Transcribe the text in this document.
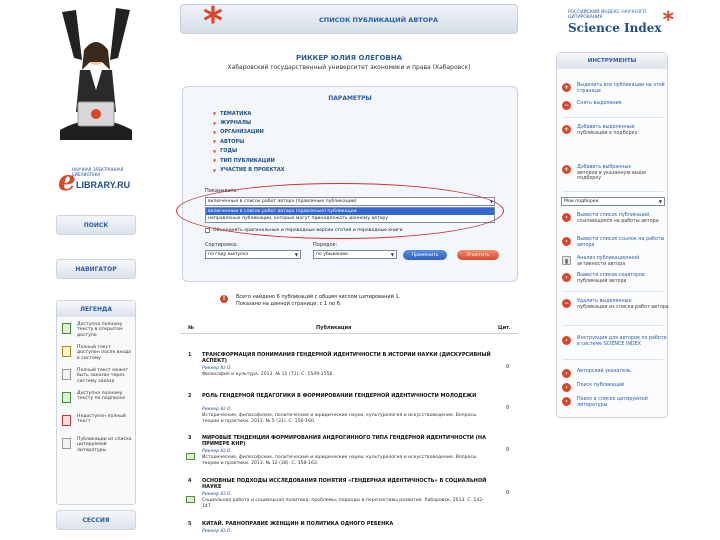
e
НАУЧНАЯ ЭЛЕКТРОННАЯ БИБЛИОТЕКА
LIBRARY.RU
ПОИСК
НАВИГАТОР
ЛЕГЕНДА
Доступна полному тексту в открытом доступе
Полный текст доступен после входа в систему
Полный текст может быть заказан через систему заказа
Доступна полному тексту по подписке
Недоступен полный текст
Публикации из списка цитируемой литературы
СЕССИЯ
*	СПИСОК ПУБЛИКАЦИЙ АВТОРА
РИККЕР ЮЛИЯ ОЛЕГОВНА
Хабаровский государственный университет экономики и права (Хабаровск)
ПАРАМЕТРЫ
▼ ТЕМАТИКА
▼ ЖУРНАЛЫ
▼ ОРГАНИЗАЦИИ
▼ АВТОРЫ
▼ ГОДЫ
▼ ТИП ПУБЛИКАЦИИ
▼ УЧАСТИЕ В ПРОЕКТАХ
Показывать:
включенные в список работ автора (правленые публикации)	▼
включенные в список работ автора (правленые) публикации
неправленые публикации, которые могут принадлежать данному автору
Объединять оригинальные и переводные версии статей и переводные книги
Сортировка:
по году выпуска	▼
Порядок:
по убыванию	▼	Применить	Очистить
!	Всего найдено 6 публикаций с общим числом цитирований 1.
Показано на данной странице: с 1 по 6.
№	Публикация	Цит.
1 ТРАНСФОРМАЦИЯ ПОНИМАНИЯ ГЕНДЕРНОЙ ИДЕНТИЧНОСТИ В ИСТОРИИ НАУКИ (ДИСКУРСИВНЫЙ АСПЕКТ)
Риккер Ю.О.
Философия и культура. 2013. № 11 (71). С. 1549-1556.
0
2 РОЛЬ ГЕНДЕРНОЙ ПЕДАГОГИКИ В ФОРМИРОВАНИИ ГЕНДЕРНОЙ ИДЕНТИЧНОСТИ МОЛОДЕЖИ
Риккер Ю.О.
Исторические, философские, политические и юридические науки, культурология и искусствоведение. Вопросы теории и практики. 2013. № 5 (31). С. 156-160.
0
3 МИРОВЫЕ ТЕНДЕНЦИИ ФОРМИРОВАНИЯ АНДРОГИННОГО ТИПА ГЕНДЕРНОЙ ИДЕНТИЧНОСТИ (НА ПРИМЕРЕ КНР)
Риккер Ю.О.
Исторические, философские, политические и юридические науки, культурология и искусствоведение. Вопросы теории и практики. 2013. № 12 (38). С. 158-163.
0
4 ОСНОВНЫЕ ПОДХОДЫ ИССЛЕДОВАНИЯ ПОНЯТИЯ «ГЕНДЕРНАЯ ИДЕНТИЧНОСТЬ» В СОЦИАЛЬНОЙ НАУКЕ
Риккер Ю.О.
Социальная работа и социальная политика: проблемы, подходы и перспективы развития. Хабаровск, 2013. С. 142-147.
0
5 КИТАЙ. РАВНОПРАВИЕ ЖЕНЩИН И ПОЛИТИКА ОДНОГО РЕБЕНКА
Риккер Ю.О.
РОССИЙСКИЙ ИНДЕКС НАУЧНОГО ЦИТИРОВАНИЯ
Science Index *
ИНСТРУМЕНТЫ
+	Выделить все публикации на этой странице
−	Снять выделение
+	Добавить выделенные
публикации в подборку:
Мои подборки	▼
+	Добавить выбранных
авторов в указанную выше подборку
›	Вывести список публикаций,
ссылающихся на работы автора
›	Вывести список ссылок на работы автора
▮	Анализ публикационной
активности автора
›	Вывести список соавторов
публикаций автора
−	Удалить выделенные
публикации из списка работ автора
›	Инструкция для авторов по работе в системе SCIENCE INDEX
›	Авторский указатель
›	Поиск публикаций
›	Поиск в списке цитируемой литературы
